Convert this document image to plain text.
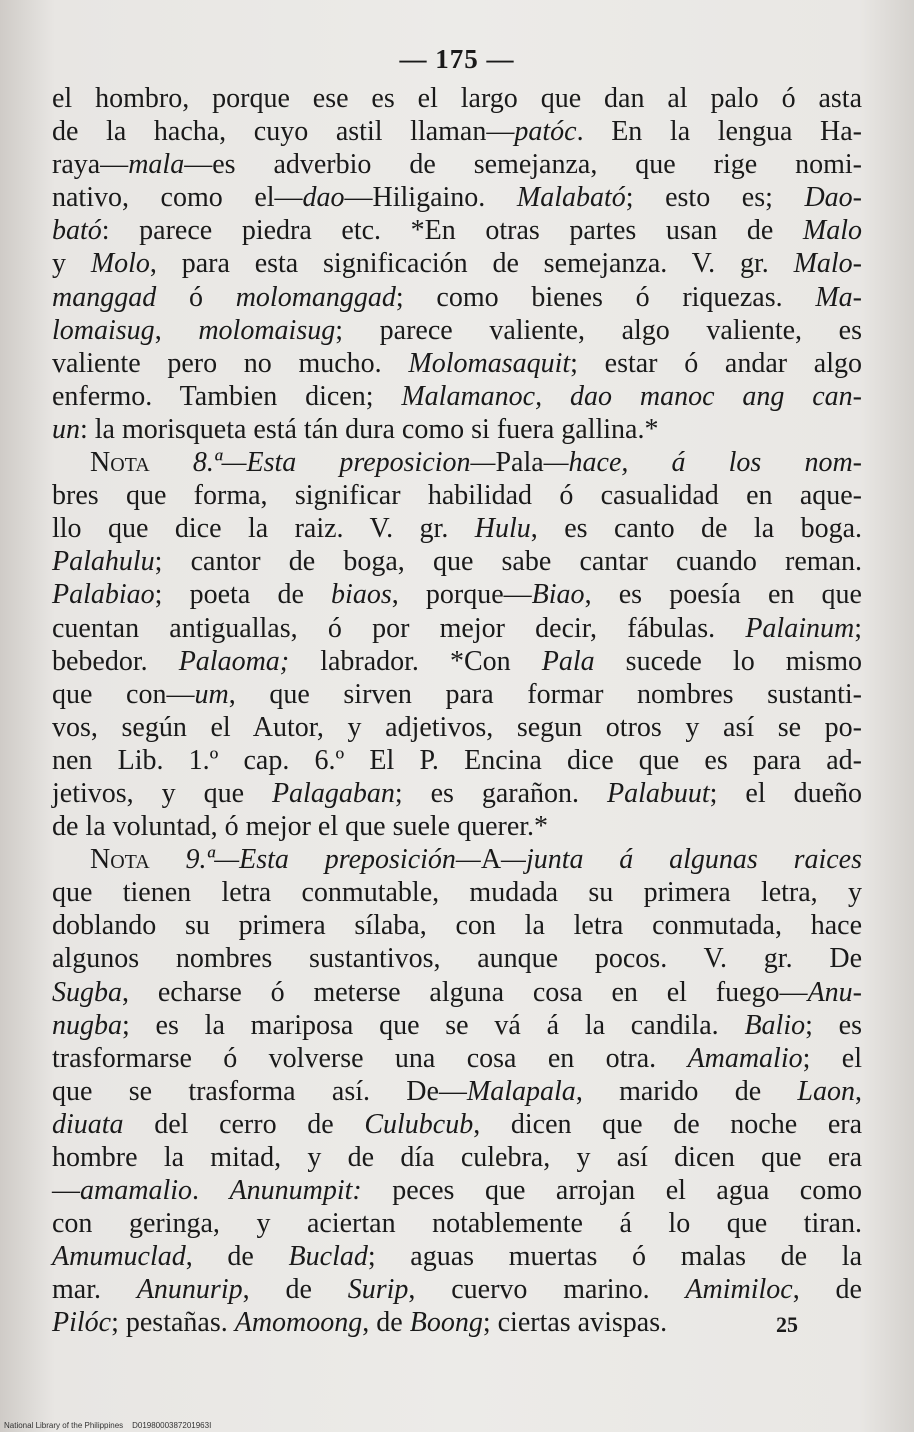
— 175 —
el hombro, porque ese es el largo que dan al palo ó asta
de la hacha, cuyo astil llaman—patóc. En la lengua Ha-
raya—mala—es adverbio de semejanza, que rige nomi-
nativo, como el—dao—Hiligaino. Malabató; esto es; Dao-
bató: parece piedra etc. *En otras partes usan de Malo
y Molo, para esta significación de semejanza. V. gr. Malo-
manggad ó molomanggad; como bienes ó riquezas. Ma-
lomaisug, molomaisug; parece valiente, algo valiente, es
valiente pero no mucho. Molomasaquit; estar ó andar algo
enfermo. Tambien dicen; Malamanoc, dao manoc ang can-
un: la morisqueta está tán dura como si fuera gallina.*
Nota 8.ª—Esta preposicion—Pala—hace, á los nom-
bres que forma, significar habilidad ó casualidad en aque-
llo que dice la raiz. V. gr. Hulu, es canto de la boga.
Palahulu; cantor de boga, que sabe cantar cuando reman.
Palabiao; poeta de biaos, porque—Biao, es poesía en que
cuentan antiguallas, ó por mejor decir, fábulas. Palainum;
bebedor. Palaoma; labrador. *Con Pala sucede lo mismo
que con—um, que sirven para formar nombres sustanti-
vos, según el Autor, y adjetivos, segun otros y así se po-
nen Lib. 1.º cap. 6.º El P. Encina dice que es para ad-
jetivos, y que Palagaban; es garañon. Palabuut; el dueño
de la voluntad, ó mejor el que suele querer.*
Nota 9.ª—Esta preposición—A—junta á algunas raices
que tienen letra conmutable, mudada su primera letra, y
doblando su primera sílaba, con la letra conmutada, hace
algunos nombres sustantivos, aunque pocos. V. gr. De
Sugba, echarse ó meterse alguna cosa en el fuego—Anu-
nugba; es la mariposa que se vá á la candila. Balio; es
trasformarse ó volverse una cosa en otra. Amamalio; el
que se trasforma así. De—Malapala, marido de Laon,
diuata del cerro de Culubcub, dicen que de noche era
hombre la mitad, y de día culebra, y así dicen que era
—amamalio. Anunumpit: peces que arrojan el agua como
con geringa, y aciertan notablemente á lo que tiran.
Amumuclad, de Buclad; aguas muertas ó malas de la
mar. Anunurip, de Surip, cuervo marino. Amimiloc, de
Pilóc; pestañas. Amomoong, de Boong; ciertas avispas.	25
National Library of the Philippines D0198000387201963I
